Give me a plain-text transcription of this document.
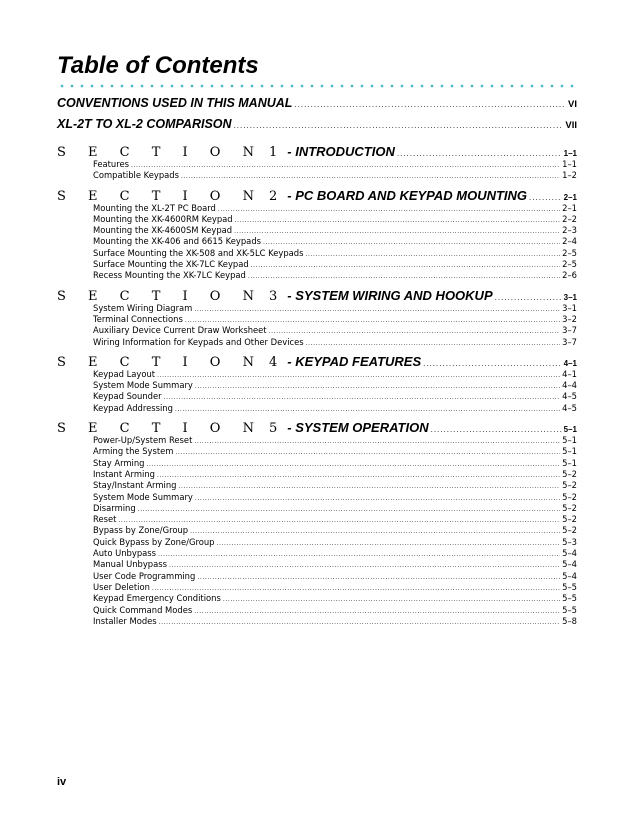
Table of Contents
CONVENTIONS USED IN THIS MANUAL .....	VI
XL-2T TO XL-2 COMPARISON .....	VII
S E C T I O N 1 - INTRODUCTION .....	1–1
Features .....	1–1
Compatible Keypads .....	1–2
S E C T I O N 2 - PC BOARD AND KEYPAD MOUNTING .....	2–1
Mounting the XL-2T PC Board .....	2–1
Mounting the XK-4600RM Keypad .....	2–2
Mounting the XK-4600SM Keypad .....	2–3
Mounting the XK-406 and 6615 Keypads .....	2–4
Surface Mounting the XK-508 and XK-5LC Keypads .....	2–5
Surface Mounting the XK-7LC Keypad .....	2–5
Recess Mounting the XK-7LC Keypad .....	2–6
S E C T I O N 3 - SYSTEM WIRING AND HOOKUP .....	3–1
System Wiring Diagram .....	3–1
Terminal Connections .....	3–2
Auxiliary Device Current Draw Worksheet .....	3–7
Wiring Information for Keypads and Other Devices .....	3–7
S E C T I O N 4 - KEYPAD FEATURES .....	4–1
Keypad Layout .....	4–1
System Mode Summary .....	4–4
Keypad Sounder .....	4–5
Keypad Addressing .....	4–5
S E C T I O N 5 - SYSTEM OPERATION .....	5–1
Power-Up/System Reset .....	5–1
Arming the System .....	5–1
Stay Arming .....	5–1
Instant Arming .....	5–2
Stay/Instant Arming .....	5–2
System Mode Summary .....	5–2
Disarming .....	5–2
Reset .....	5–2
Bypass by Zone/Group .....	5–2
Quick Bypass by Zone/Group .....	5–3
Auto Unbypass .....	5–4
Manual Unbypass .....	5–4
User Code Programming .....	5–4
User Deletion .....	5–5
Keypad Emergency Conditions .....	5–5
Quick Command Modes .....	5–5
Installer Modes .....	5–8
iv
